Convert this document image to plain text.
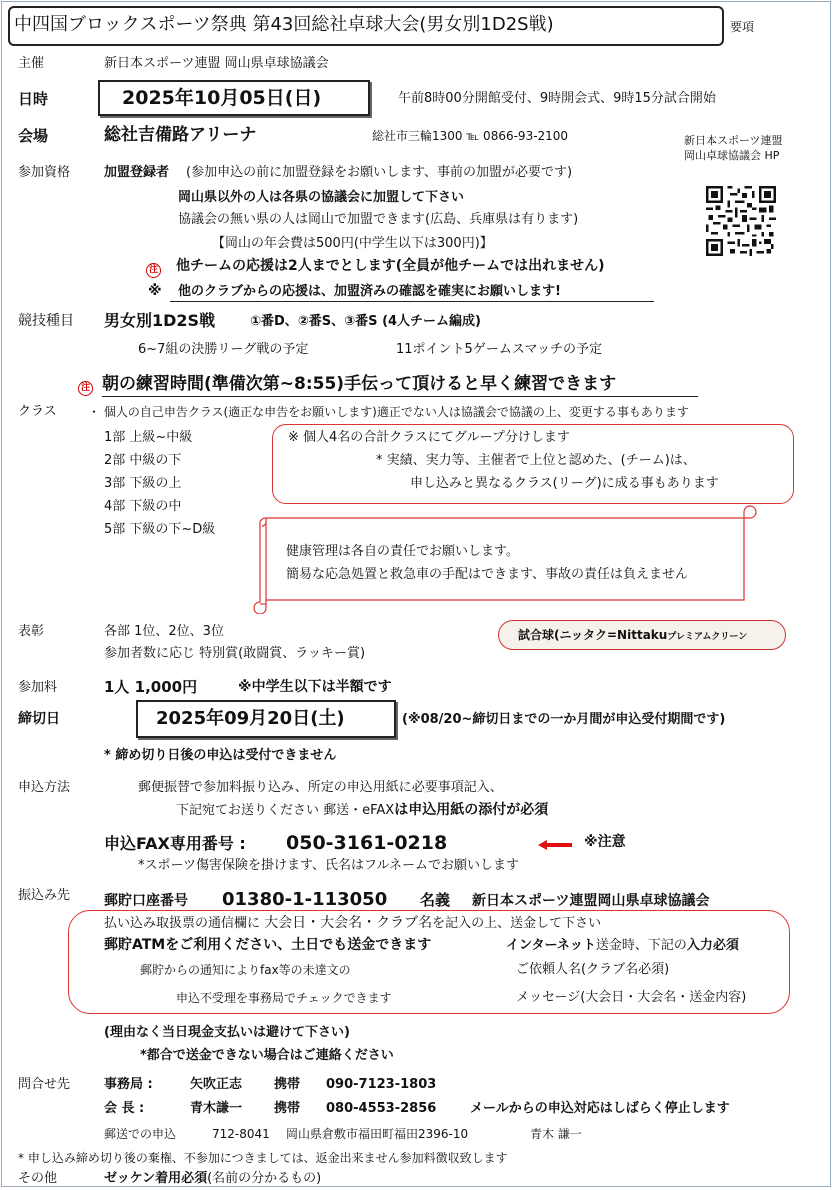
中四国ブロックスポーツ祭典 第43回総社卓球大会(男女別1D2S戦)	要項
主催	新日本スポーツ連盟 岡山県卓球協議会
日時	2025年10月05日(日)	午前8時00分開館受付、9時開会式、9時15分試合開始
会場	総社吉備路アリーナ	総社市三輪1300 ℡ 0866-93-2100	新日本スポーツ連盟
岡山卓球協議会 HP
参加資格	加盟登録者 (参加申込の前に加盟登録をお願いします、事前の加盟が必要です)
岡山県以外の人は各県の協議会に加盟して下さい
協議会の無い県の人は岡山で加盟できます(広島、兵庫県は有ります)
【岡山の年会費は500円(中学生以下は300円)】
注 他チームの応援は2人までとします(全員が他チームでは出れません)
※ 他のクラブからの応援は、加盟済みの確認を確実にお願いします!
競技種目 男女別1D2S戦	①番D、②番S、③番S (4人チーム編成)
6~7組の決勝リーグ戦の予定	11ポイント5ゲームスマッチの予定
注 朝の練習時間(準備次第~8:55)手伝って頂けると早く練習できます
クラス	・ 個人の自己申告クラス(適正な申告をお願いします)適正でない人は協議会で協議の上、変更する事もあります
1部 上級~中級
2部 中級の下
3部 下級の上
4部 下級の中
5部 下級の下~D級
※ 個人4名の合計クラスにてグループ分けします
* 実績、実力等、主催者で上位と認めた、(チーム)は、
申し込みと異なるクラス(リーグ)に成る事もあります
健康管理は各自の責任でお願いします。
簡易な応急処置と救急車の手配はできます、事故の責任は負えません
表彰	各部 1位、2位、3位
参加者数に応じ 特別賞(敢闘賞、ラッキー賞)
試合球(ニッタク=Nittakuプレミアムクリーン
参加料	1人 1,000円	※中学生以下は半額です
締切日	2025年09月20日(土)	(※08/20~締切日までの一か月間が申込受付期間です)
* 締め切り日後の申込は受付できません
申込方法	郵便振替で参加料振り込み、所定の申込用紙に必要事項記入、
下記宛てお送りください 郵送・eFAXは申込用紙の添付が必須
申込FAX専用番号 : 050-3161-0218	※注意
*スポーツ傷害保険を掛けます、氏名はフルネームでお願いします
振込み先 郵貯口座番号 01380-1-113050 名義 新日本スポーツ連盟岡山県卓球協議会
払い込み取扱票の通信欄に 大会日・大会名・クラブ名を記入の上、送金して下さい
郵貯ATMをご利用ください、土日でも送金できます	インターネット送金時、下記の入力必須
郵貯からの通知によりfax等の未達文の	ご依頼人名(クラブ名必須)
申込不受理を事務局でチェックできます	メッセージ(大会日・大会名・送金内容)
(理由なく当日現金支払いは避けて下さい)
*都合で送金できない場合はご連絡ください
問合せ先	事務局 :	矢吹正志 携帯 090-7123-1803
会 長 :	青木謙一 携帯 080-4553-2856	メールからの申込対応はしばらく停止します
郵送での申込	712-8041 岡山県倉敷市福田町福田2396-10	青木 謙一
* 申し込み締め切り後の棄権、不参加につきましては、返金出来ません参加料徴収致します
その他	ゼッケン着用必須(名前の分かるもの)
